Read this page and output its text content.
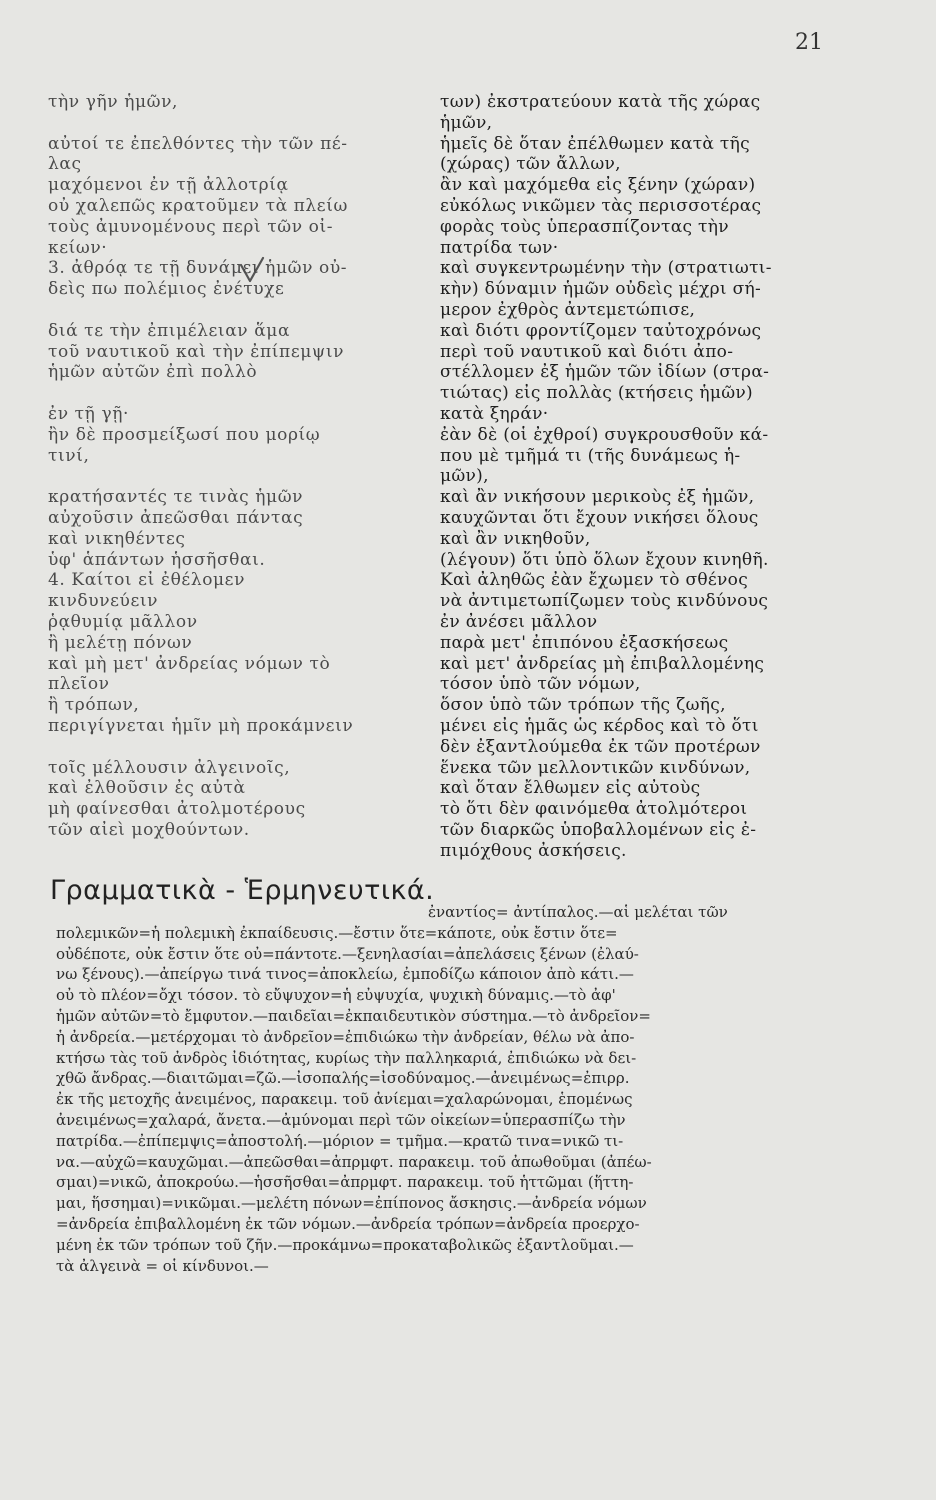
21
τὴν γῆν ἡμῶν,
αὐτοί τε ἐπελθόντες τὴν τῶν πέ-
λας
μαχόμενοι ἐν τῇ ἀλλοτρίᾳ
οὐ χαλεπῶς κρατοῦμεν τὰ πλείω
τοὺς ἀμυνομένους περὶ τῶν οἰ-
κείων·
3. ἀθρόᾳ τε τῇ δυνάμει ἡμῶν οὐ-
δεὶς πω πολέμιος ἐνέτυχε
διά τε τὴν ἐπιμέλειαν ἅμα
τοῦ ναυτικοῦ καὶ τὴν ἐπίπεμψιν
ἡμῶν αὐτῶν ἐπὶ πολλὸ
ἐν τῇ γῇ·
ἢν δὲ προσμείξωσί που μορίῳ
τινί,
κρατήσαντές τε τινὰς ἡμῶν
αὐχοῦσιν ἀπεῶσθαι πάντας
καὶ νικηθέντες
ὑφ' ἁπάντων ἡσσῆσθαι.
4. Καίτοι εἰ ἐθέλομεν
κινδυνεύειν
ῥᾳθυμίᾳ μᾶλλον
ἢ μελέτῃ πόνων
καὶ μὴ μετ' ἀνδρείας νόμων τὸ
πλεῖον
ἢ τρόπων,
περιγίγνεται ἡμῖν μὴ προκάμνειν
τοῖς μέλλουσιν ἀλγεινοῖς,
καὶ ἐλθοῦσιν ἐς αὐτὰ
μὴ φαίνεσθαι ἀτολμοτέρους
τῶν αἰεὶ μοχθούντων.
των) ἐκστρατεύουν κατὰ τῆς χώρας
ἡμῶν,
ἡμεῖς δὲ ὅταν ἐπέλθωμεν κατὰ τῆς
(χώρας) τῶν ἄλλων,
ἂν καὶ μαχόμεθα εἰς ξένην (χώραν)
εὐκόλως νικῶμεν τὰς περισσοτέρας
φορὰς τοὺς ὑπερασπίζοντας τὴν
πατρίδα των·
καὶ συγκεντρωμένην τὴν (στρατιωτι-
κὴν) δύναμιν ἡμῶν οὐδεὶς μέχρι σή-
μερον ἐχθρὸς ἀντεμετώπισε,
καὶ διότι φροντίζομεν ταὐτοχρόνως
περὶ τοῦ ναυτικοῦ καὶ διότι ἀπο-
στέλλομεν ἐξ ἡμῶν τῶν ἰδίων (στρα-
τιώτας) εἰς πολλὰς (κτήσεις ἡμῶν)
κατὰ ξηράν·
ἐὰν δὲ (οἱ ἐχθροί) συγκρουσθοῦν κά-
που μὲ τμῆμά τι (τῆς δυνάμεως ἡ-
μῶν),
καὶ ἂν νικήσουν μερικοὺς ἐξ ἡμῶν,
καυχῶνται ὅτι ἔχουν νικήσει ὅλους
καὶ ἂν νικηθοῦν,
(λέγουν) ὅτι ὑπὸ ὅλων ἔχουν κινηθῆ.
Καὶ ἀληθῶς ἐὰν ἔχωμεν τὸ σθένος
νὰ ἀντιμετωπίζωμεν τοὺς κινδύνους
ἐν ἀνέσει μᾶλλον
παρὰ μετ' ἐπιπόνου ἐξασκήσεως
καὶ μετ' ἀνδρείας μὴ ἐπιβαλλομένης
τόσον ὑπὸ τῶν νόμων,
ὅσον ὑπὸ τῶν τρόπων τῆς ζωῆς,
μένει εἰς ἡμᾶς ὡς κέρδος καὶ τὸ ὅτι
δὲν ἐξαντλούμεθα ἐκ τῶν προτέρων
ἕνεκα τῶν μελλοντικῶν κινδύνων,
καὶ ὅταν ἔλθωμεν εἰς αὐτοὺς
τὸ ὅτι δὲν φαινόμεθα ἀτολμότεροι
τῶν διαρκῶς ὑποβαλλομένων εἰς ἐ-
πιμόχθους ἀσκήσεις.
Γραμματικὰ - Ἑρμηνευτικά.
ἐναντίος= ἀντίπαλος.—αἱ μελέται τῶν
πολεμικῶν=ἡ πολεμικὴ ἐκπαίδευσις.—ἔστιν ὅτε=κάποτε, οὐκ ἔστιν ὅτε=
οὐδέποτε, οὐκ ἔστιν ὅτε οὐ=πάντοτε.—ξενηλασίαι=ἀπελάσεις ξένων (ἐλαύ-
νω ξένους).—ἀπείργω τινά τινος=ἀποκλείω, ἐμποδίζω κάποιον ἀπὸ κάτι.—
οὐ τὸ πλέον=ὄχι τόσον. τὸ εὔψυχον=ἡ εὐψυχία, ψυχικὴ δύναμις.—τὸ ἀφ'
ἡμῶν αὐτῶν=τὸ ἔμφυτον.—παιδεῖαι=ἐκπαιδευτικὸν σύστημα.—τὸ ἀνδρεῖον=
ἡ ἀνδρεία.—μετέρχομαι τὸ ἀνδρεῖον=ἐπιδιώκω τὴν ἀνδρείαν, θέλω νὰ ἀπο-
κτήσω τὰς τοῦ ἀνδρὸς ἰδιότητας, κυρίως τὴν παλληκαριά, ἐπιδιώκω νὰ δει-
χθῶ ἄνδρας.—διαιτῶμαι=ζῶ.—ἰσοπαλής=ἰσοδύναμος.—ἀνειμένως=ἐπιρρ.
ἐκ τῆς μετοχῆς ἀνειμένος, παρακειμ. τοῦ ἀνίεμαι=χαλαρώνομαι, ἑπομένως
ἀνειμένως=χαλαρά, ἄνετα.—ἀμύνομαι περὶ τῶν οἰκείων=ὑπερασπίζω τὴν
πατρίδα.—ἐπίπεμψις=ἀποστολή.—μόριον = τμῆμα.—κρατῶ τινα=νικῶ τι-
να.—αὐχῶ=καυχῶμαι.—ἀπεῶσθαι=ἀπρμφτ. παρακειμ. τοῦ ἀπωθοῦμαι (ἀπέω-
σμαι)=νικῶ, ἀποκρούω.—ἡσσῆσθαι=ἀπρμφτ. παρακειμ. τοῦ ἡττῶμαι (ἥττη-
μαι, ἥσσημαι)=νικῶμαι.—μελέτη πόνων=ἐπίπονος ἄσκησις.—ἀνδρεία νόμων
=ἀνδρεία ἐπιβαλλομένη ἐκ τῶν νόμων.—ἀνδρεία τρόπων=ἀνδρεία προερχο-
μένη ἐκ τῶν τρόπων τοῦ ζῆν.—προκάμνω=προκαταβολικῶς ἐξαντλοῦμαι.—
τὰ ἀλγεινὰ = οἱ κίνδυνοι.—
